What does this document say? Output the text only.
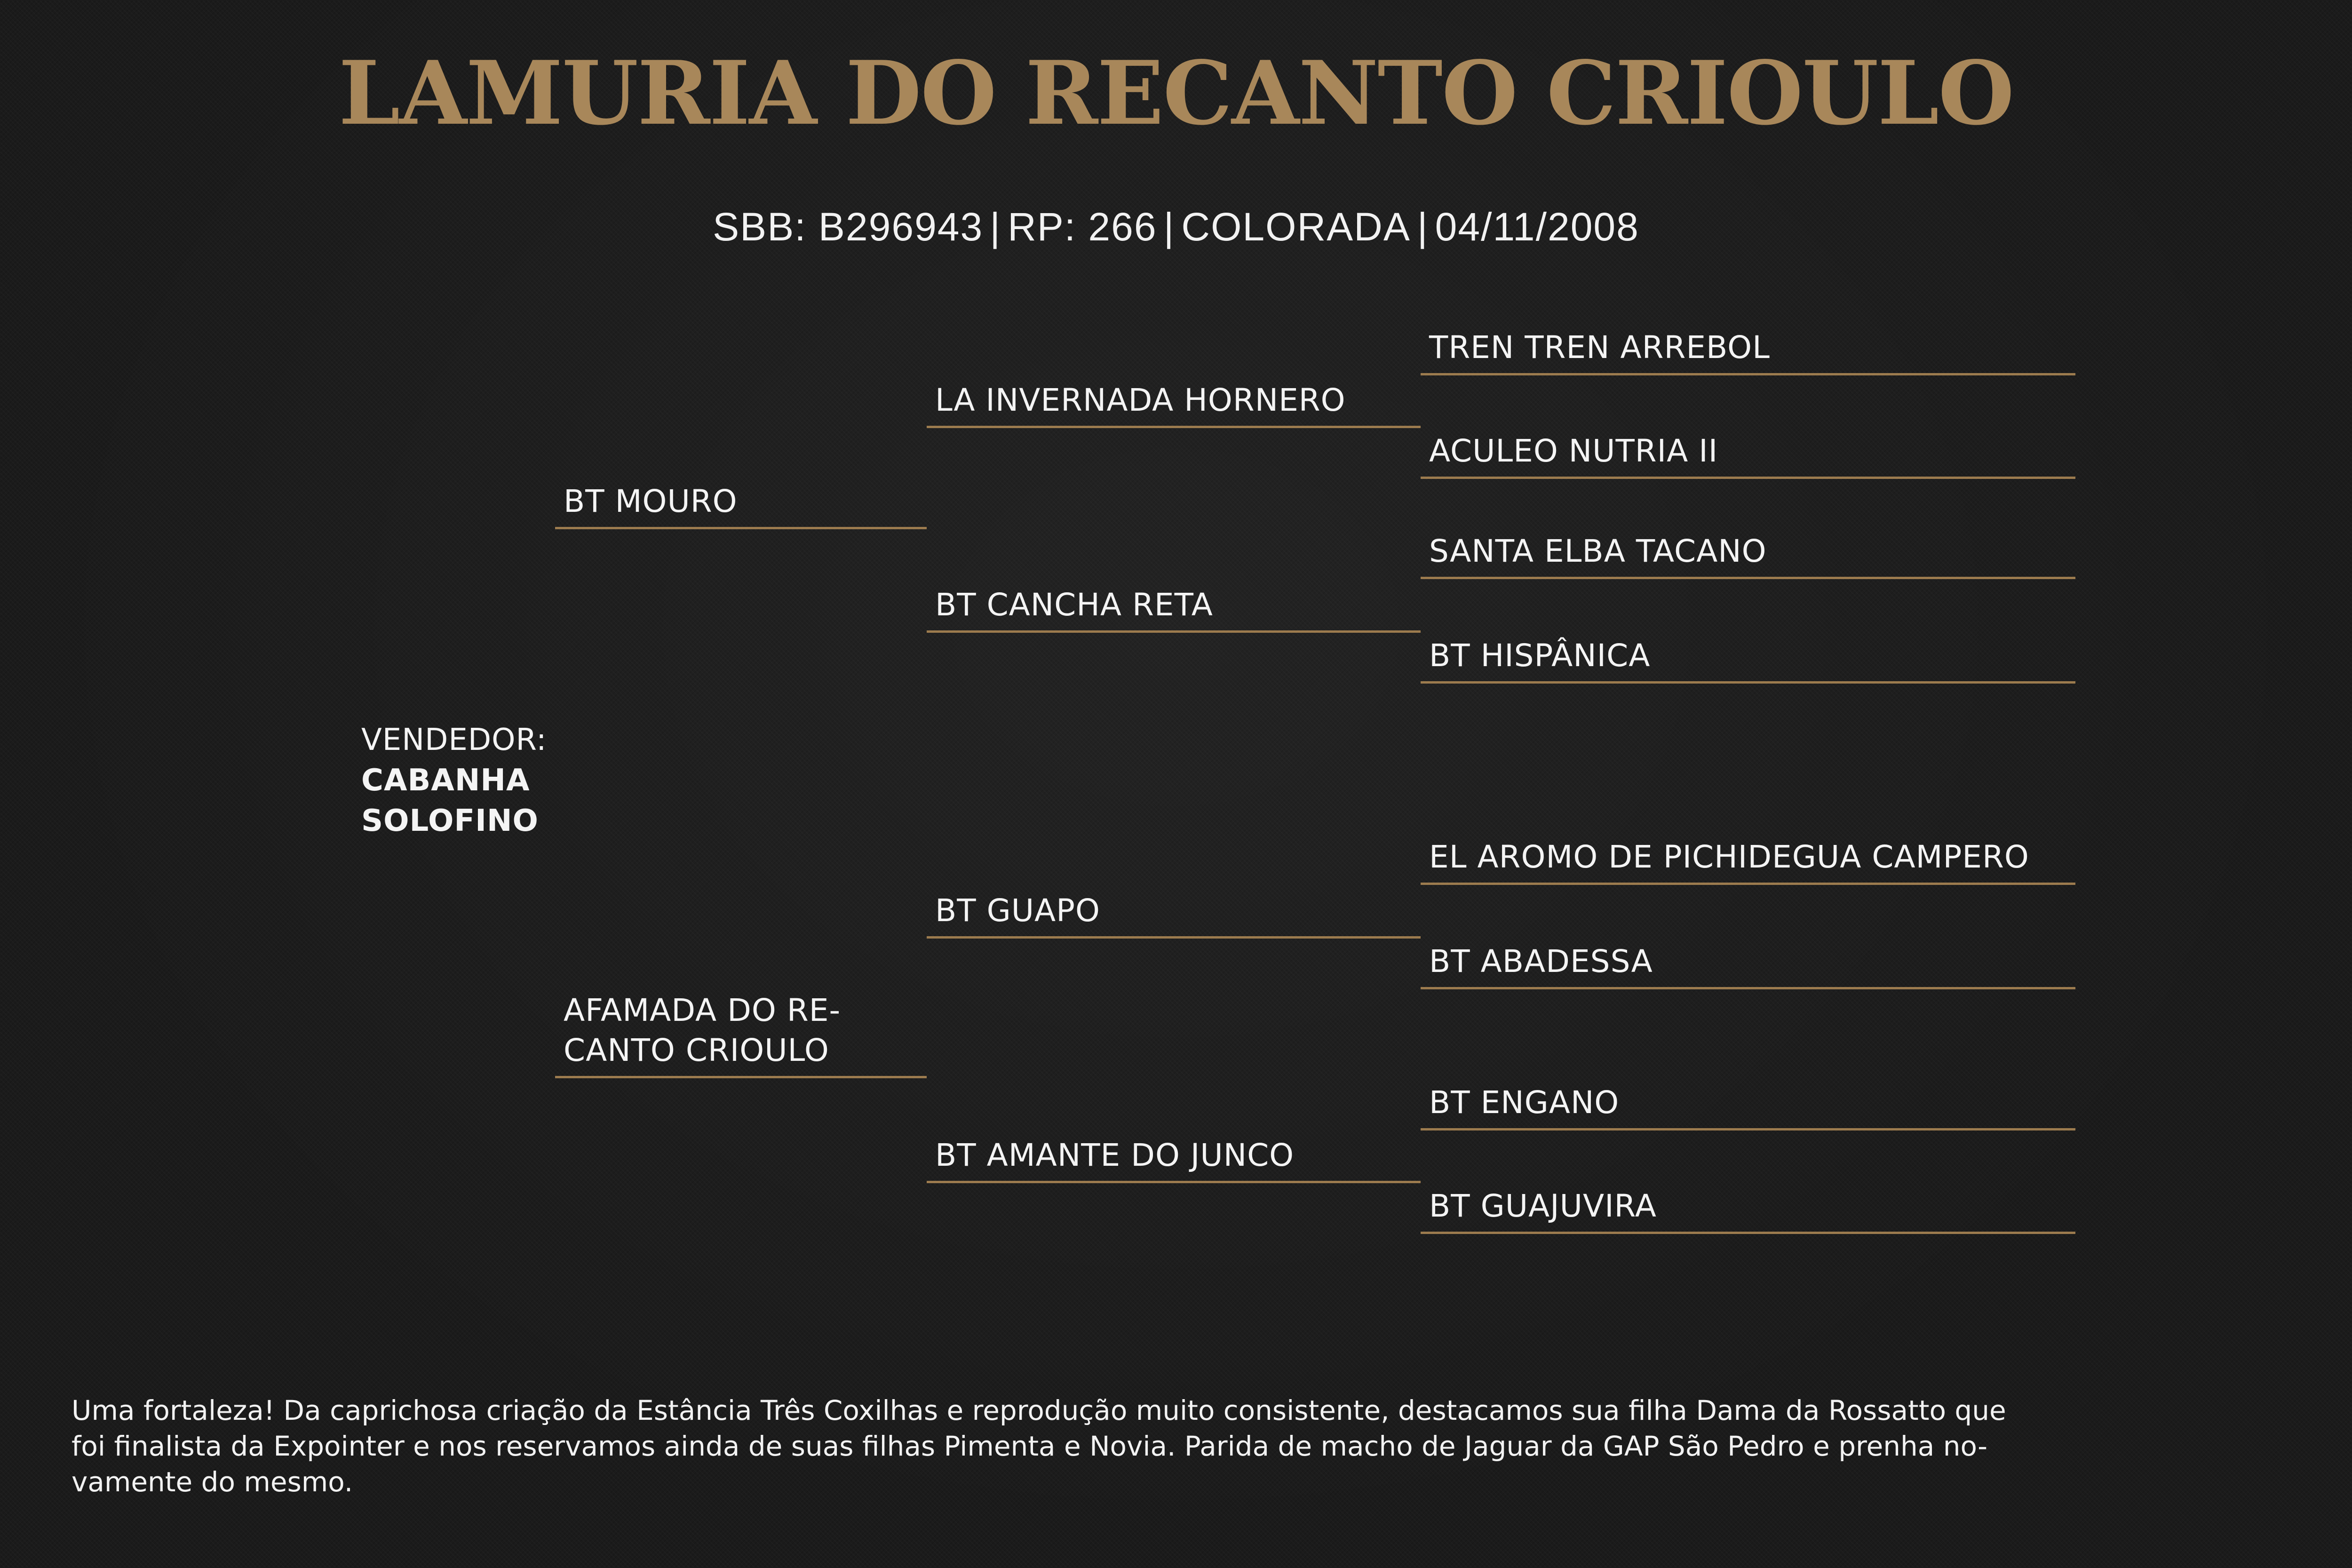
LAMURIA DO RECANTO CRIOULO
SBB: B296943 | RP: 266 | COLORADA | 04/11/2008
VENDEDOR:
CABANHA
SOLOFINO
BT MOURO
AFAMADA DO RE-
CANTO CRIOULO
LA INVERNADA HORNERO
BT CANCHA RETA
BT GUAPO
BT AMANTE DO JUNCO
TREN TREN ARREBOL
ACULEO NUTRIA II
SANTA ELBA TACANO
BT HISPÂNICA
EL AROMO DE PICHIDEGUA CAMPERO
BT ABADESSA
BT ENGANO
BT GUAJUVIRA
Uma fortaleza! Da caprichosa criação da Estância Três Coxilhas e reprodução muito consistente, destacamos sua filha Dama da Rossatto que
foi finalista da Expointer e nos reservamos ainda de suas filhas Pimenta e Novia. Parida de macho de Jaguar da GAP São Pedro e prenha no-
vamente do mesmo.
